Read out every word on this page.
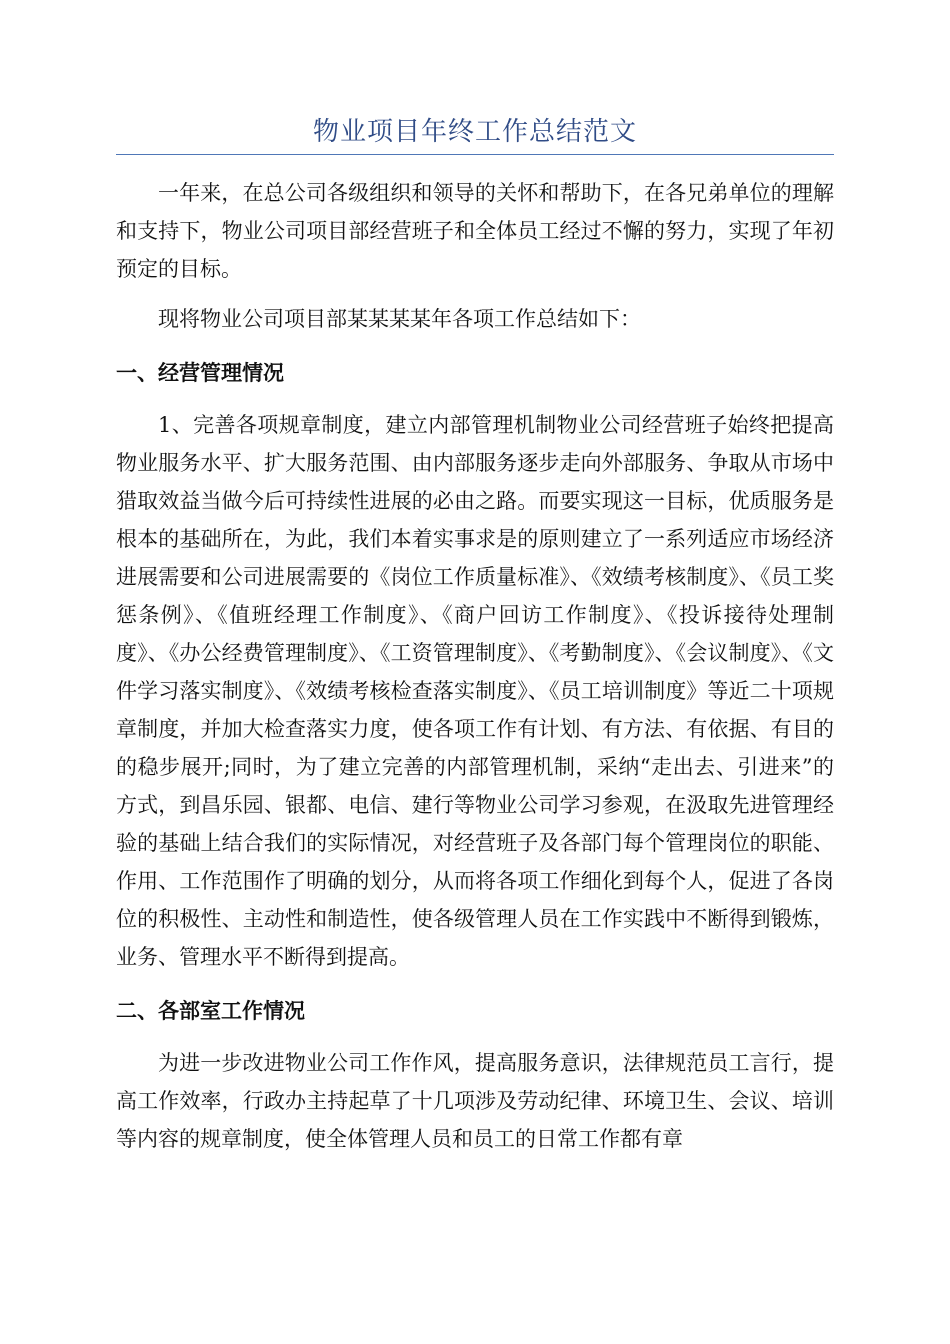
物业项目年终工作总结范文

一年来，在总公司各级组织和领导的关怀和帮助下，在各兄弟单位的理解和支持下，物业公司项目部经营班子和全体员工经过不懈的努力，实现了年初预定的目标。

现将物业公司项目部某某某某年各项工作总结如下：

一、经营管理情况

1、完善各项规章制度，建立内部管理机制物业公司经营班子始终把提高物业服务水平、扩大服务范围、由内部服务逐步走向外部服务、争取从市场中猎取效益当做今后可持续性进展的必由之路。而要实现这一目标，优质服务是根本的基础所在，为此，我们本着实事求是的原则建立了一系列适应市场经济进展需要和公司进展需要的《岗位工作质量标准》、《效绩考核制度》、《员工奖惩条例》、《值班经理工作制度》、《商户回访工作制度》、《投诉接待处理制度》、《办公经费管理制度》、《工资管理制度》、《考勤制度》、《会议制度》、《文件学习落实制度》、《效绩考核检查落实制度》、《员工培训制度》等近二十项规章制度，并加大检查落实力度，使各项工作有计划、有方法、有依据、有目的的稳步展开;同时，为了建立完善的内部管理机制，采纳“走出去、引进来”的方式，到昌乐园、银都、电信、建行等物业公司学习参观，在汲取先进管理经验的基础上结合我们的实际情况，对经营班子及各部门每个管理岗位的职能、作用、工作范围作了明确的划分，从而将各项工作细化到每个人，促进了各岗位的积极性、主动性和制造性，使各级管理人员在工作实践中不断得到锻炼，业务、管理水平不断得到提高。

二、各部室工作情况

为进一步改进物业公司工作作风，提高服务意识，法律规范员工言行，提高工作效率，行政办主持起草了十几项涉及劳动纪律、环境卫生、会议、培训等内容的规章制度，使全体管理人员和员工的日常工作都有章
